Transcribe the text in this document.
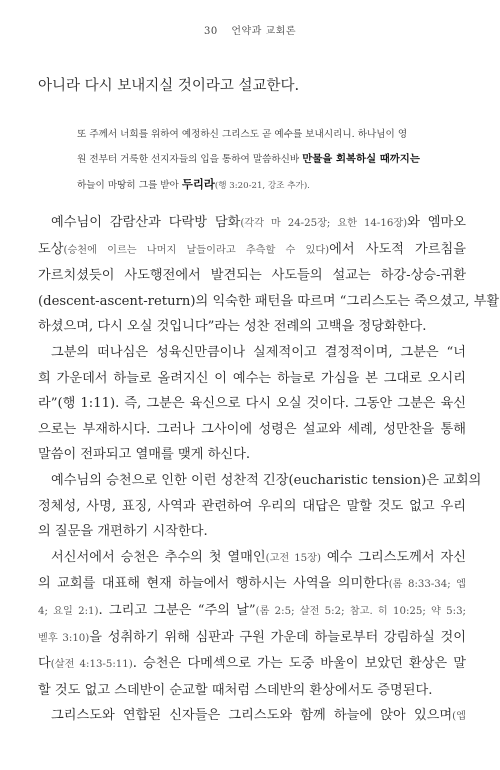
30 언약과 교회론
아니라 다시 보내지실 것이라고 설교한다.
또 주께서 너희를 위하여 예정하신 그리스도 곧 예수를 보내시리니. 하나님이 영
원 전부터 거룩한 선지자들의 입을 통하여 말씀하신바 만물을 회복하실 때까지는
하늘이 마땅히 그를 받아 두리라(행 3:20-21, 강조 추가).

예수님이 감람산과 다락방 담화(각각 마 24-25장; 요한 14-16장)와 엠마오
도상(승천에 이르는 나머지 날들이라고 추측할 수 있다)에서 사도적 가르침을
가르치셨듯이 사도행전에서 발견되는 사도들의 설교는 하강-상승-귀환
(descent-ascent-return)의 익숙한 패턴을 따르며 “그리스도는 죽으셨고, 부활
하셨으며, 다시 오실 것입니다”라는 성찬 전례의 고백을 정당화한다.

그분의 떠나심은 성육신만큼이나 실제적이고 결정적이며, 그분은 “너
희 가운데서 하늘로 올려지신 이 예수는 하늘로 가심을 본 그대로 오시리
라”(행 1:11). 즉, 그분은 육신으로 다시 오실 것이다. 그동안 그분은 육신
으로는 부재하시다. 그러나 그사이에 성령은 설교와 세례, 성만찬을 통해
말씀이 전파되고 열매를 맺게 하신다.

예수님의 승천으로 인한 이런 성찬적 긴장(eucharistic tension)은 교회의
정체성, 사명, 표징, 사역과 관련하여 우리의 대답은 말할 것도 없고 우리
의 질문을 개편하기 시작한다.

서신서에서 승천은 추수의 첫 열매인(고전 15장) 예수 그리스도께서 자신
의 교회를 대표해 현재 하늘에서 행하시는 사역을 의미한다(롬 8:33-34; 엡
4; 요일 2:1). 그리고 그분은 “주의 날”(롬 2:5; 살전 5:2; 참고. 히 10:25; 약 5:3;
벧후 3:10)을 성취하기 위해 심판과 구원 가운데 하늘로부터 강림하실 것이
다(살전 4:13-5:11). 승천은 다메섹으로 가는 도중 바울이 보았던 환상은 말
할 것도 없고 스데반이 순교할 때처럼 스데반의 환상에서도 증명된다.

그리스도와 연합된 신자들은 그리스도와 함께 하늘에 앉아 있으며(엡
